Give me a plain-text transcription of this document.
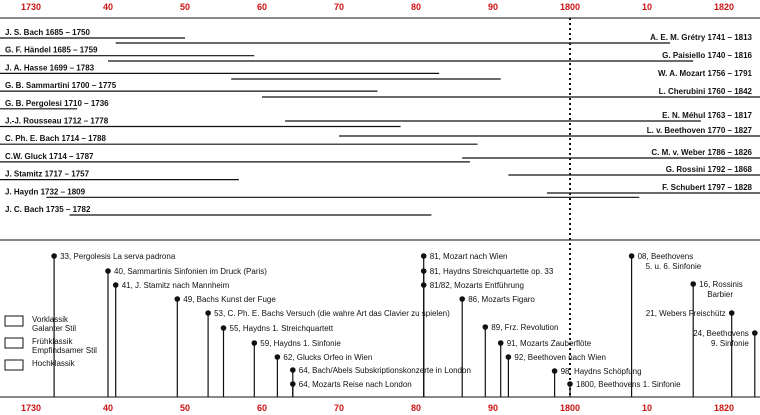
1730
1730
40
40
50
50
60
60
70
70
80
80
90
90
1800
1800
10
10
1820
1820
J. S. Bach 1685 – 1750
G. F. Händel 1685 – 1759
J. A. Hasse 1699 – 1783
G. B. Sammartini 1700 – 1775
G. B. Pergolesi 1710 – 1736
J.-J. Rousseau 1712 – 1778
C. Ph. E. Bach 1714 – 1788
C.W. Gluck 1714 – 1787
J. Stamitz 1717 – 1757
J. Haydn 1732 – 1809
J. C. Bach 1735 – 1782
A. E. M. Grétry 1741 – 1813
G. Paisiello 1740 – 1816
W. A. Mozart 1756 – 1791
L. Cherubini 1760 – 1842
E. N. Méhul 1763 – 1817
L. v. Beethoven 1770 – 1827
C. M. v. Weber 1786 – 1826
G. Rossini 1792 – 1868
F. Schubert 1797 – 1828
33, Pergolesis La serva padrona
40, Sammartinis Sinfonien im Druck (Paris)
41, J. Stamitz nach Mannheim
49, Bachs Kunst der Fuge
53, C. Ph. E. Bachs Versuch (die wahre Art das Clavier zu spielen)
55, Haydns 1. Streichquartett
59, Haydns 1. Sinfonie
62, Glucks Orfeo in Wien
64, Bach/Abels Subskriptionskonzerte in London
64, Mozarts Reise nach London
81, Mozart nach Wien
81, Haydns Streichquartette op. 33
81/82, Mozarts Entführung
86, Mozarts Figaro
89, Frz. Revolution
91, Mozarts Zauberflöte
92, Beethoven nach Wien
98, Haydns Schöpfung
1800, Beethovens 1. Sinfonie
08, Beethovens
5. u. 6. Sinfonie
16, Rossinis
Barbier
21, Webers Freischütz
24, Beethovens
9. Sinfonie
Vorklassik
Galanter Stil
Frühklassik
Empfindsamer Stil
Hochklassik
